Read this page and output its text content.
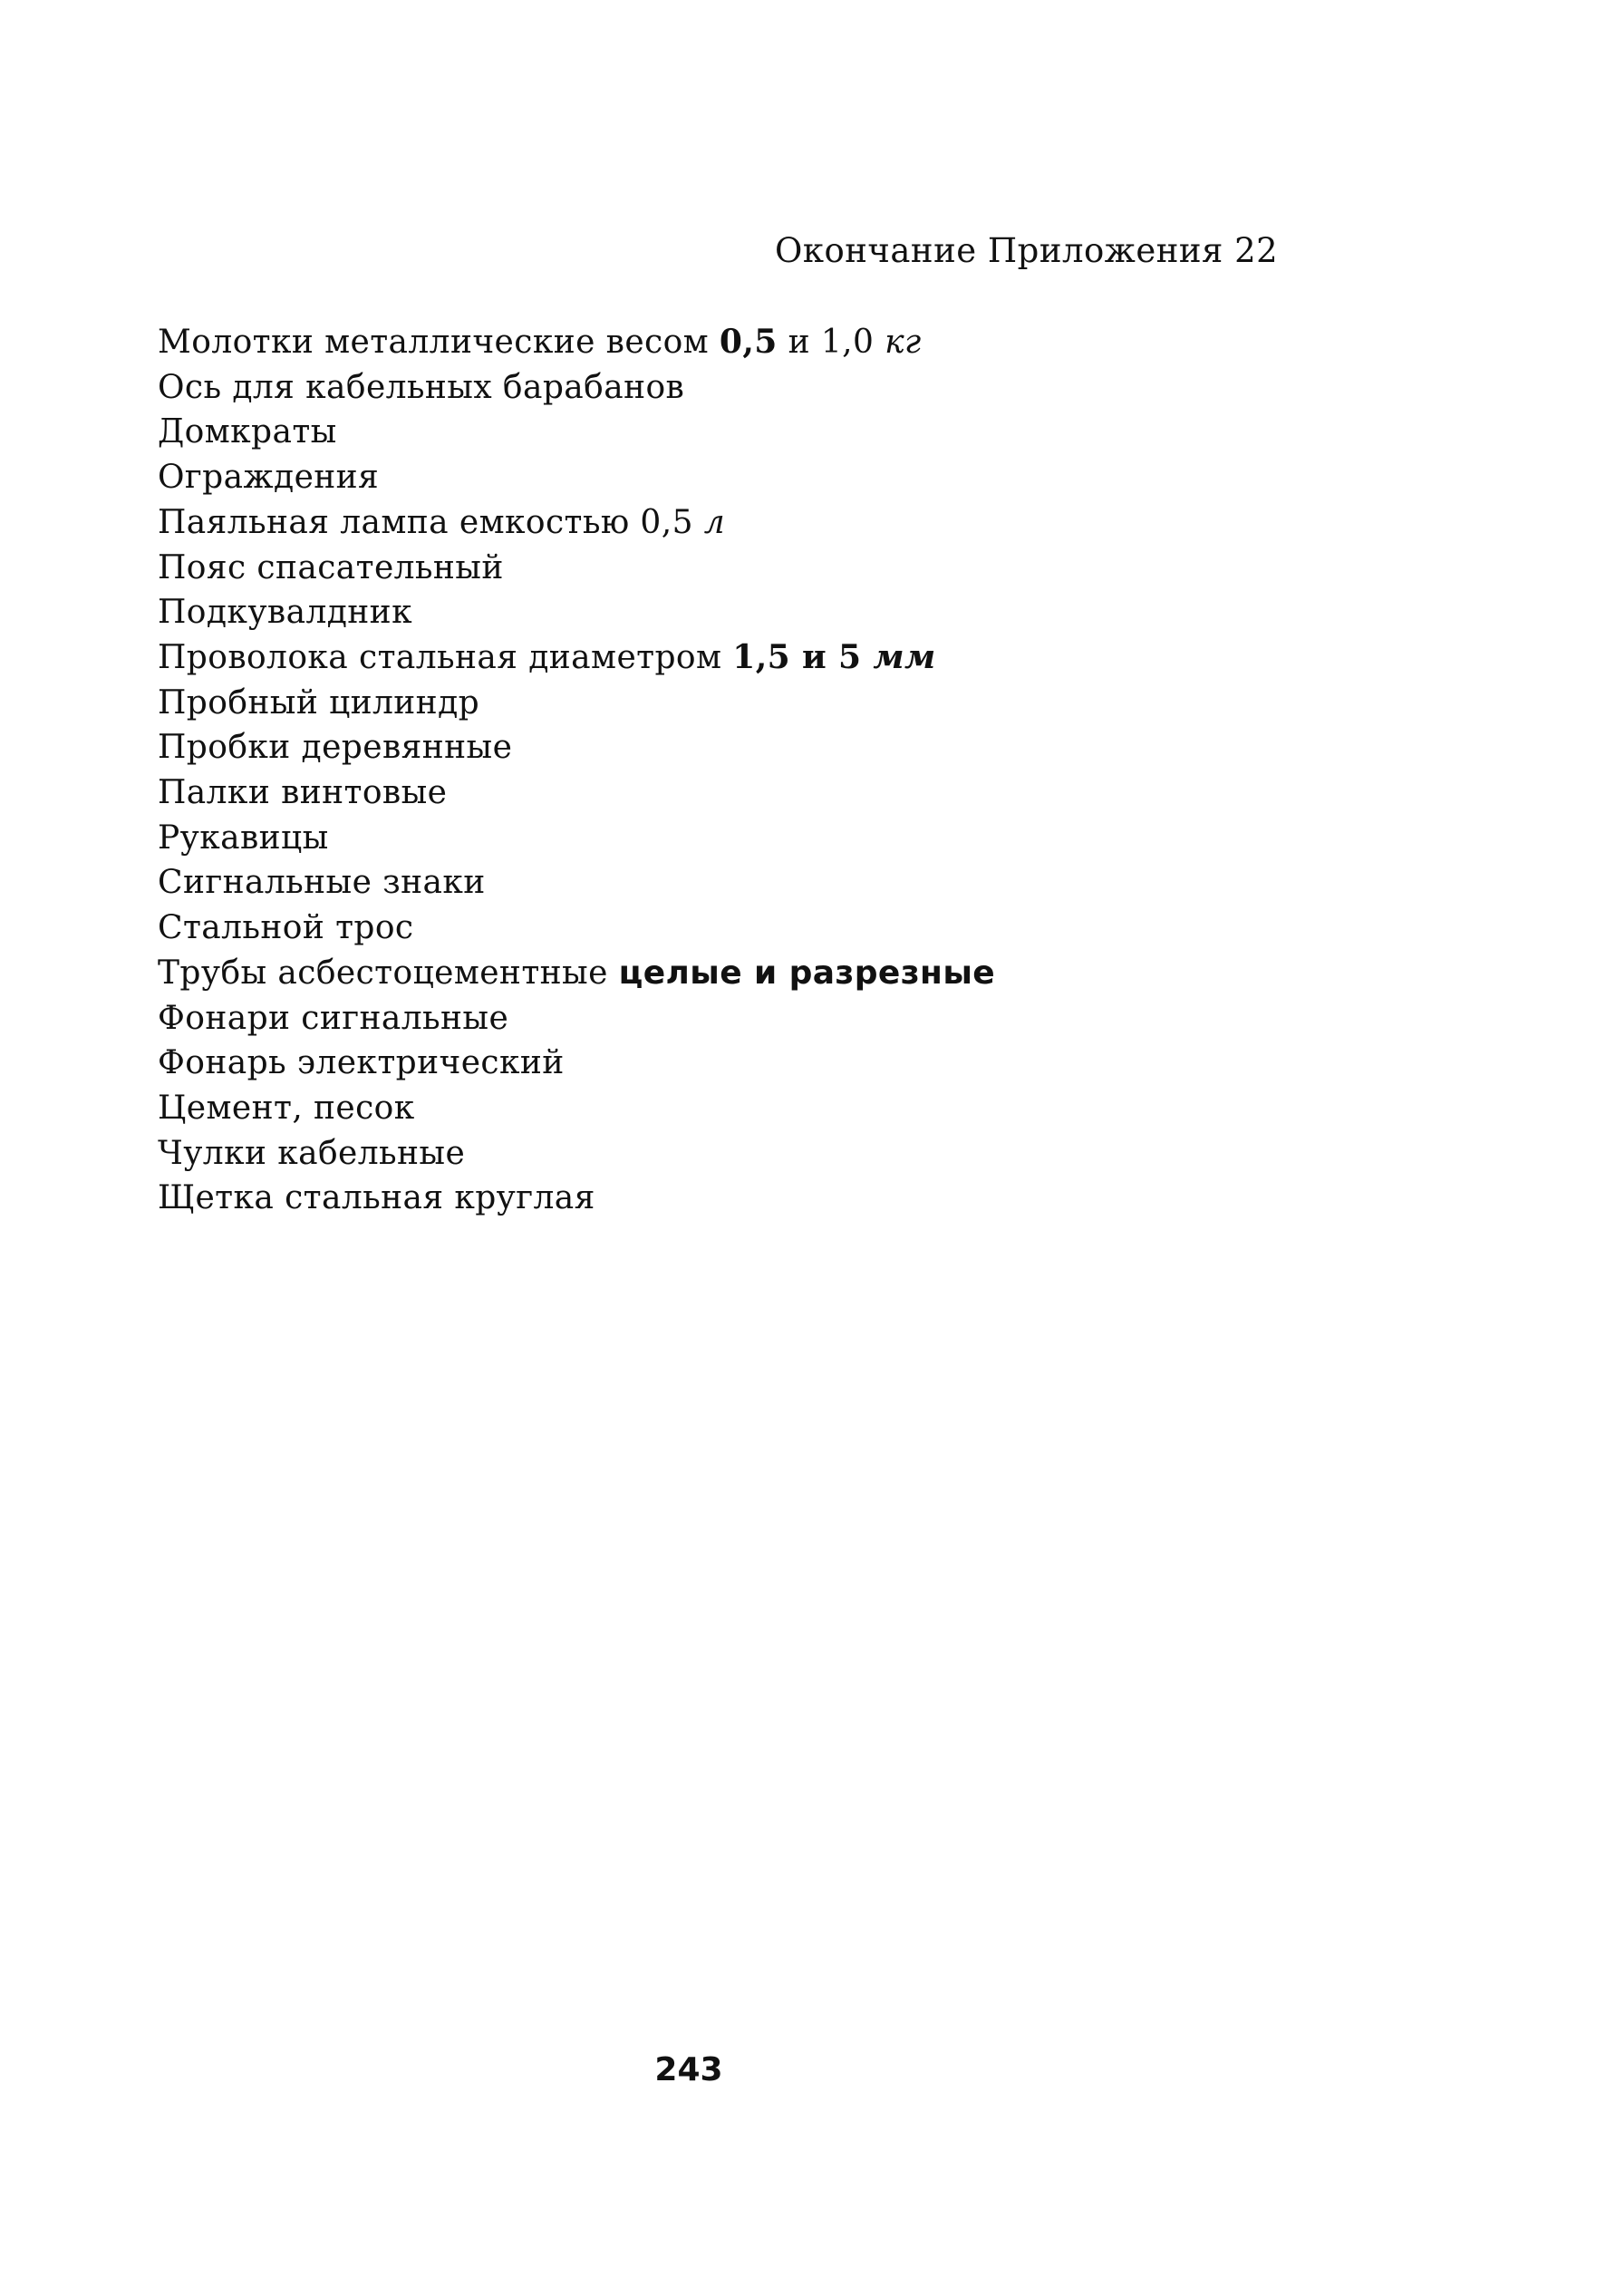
Окончание Приложения 22
Молотки металлические весом 0,5 и 1,0 кг
Ось для кабельных барабанов
Домкраты
Ограждения
Паяльная лампа емкостью 0,5 л
Пояс спасательный
Подкувалдник
Проволока стальная диаметром 1,5 и 5 мм
Пробный цилиндр
Пробки деревянные
Палки винтовые
Рукавицы
Сигнальные знаки
Стальной трос
Трубы асбестоцементные целые и разрезные
Фонари сигнальные
Фонарь электрический
Цемент, песок
Чулки кабельные
Щетка стальная круглая
243
